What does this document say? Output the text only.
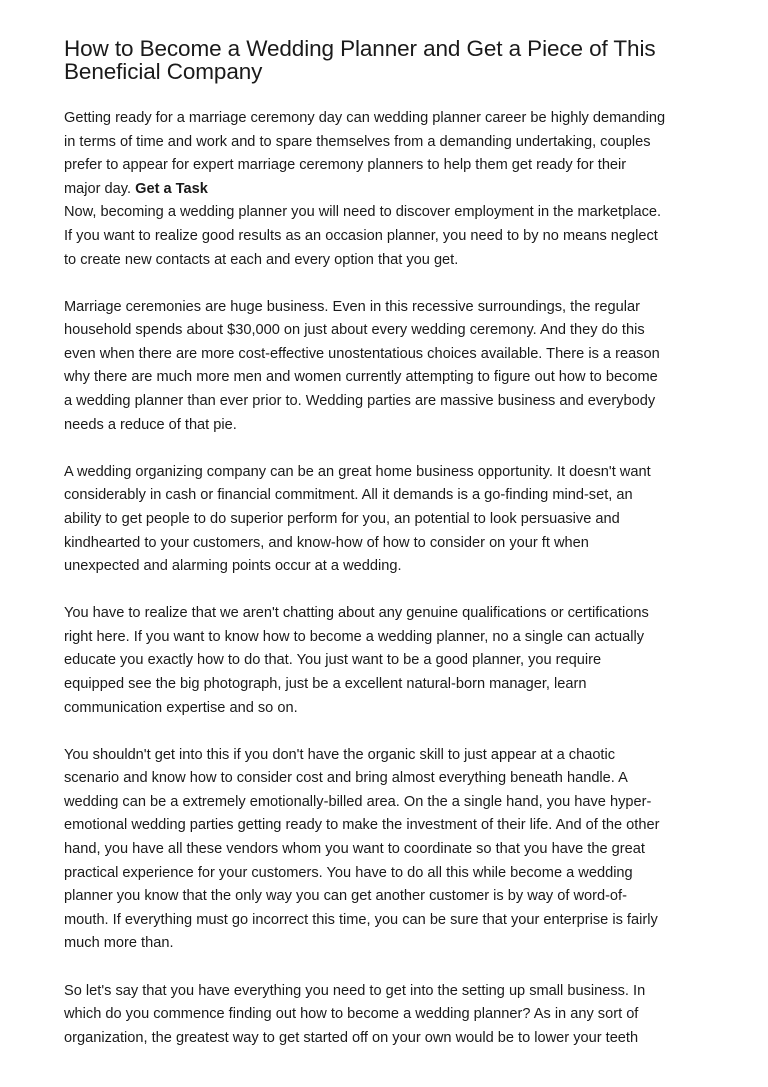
How to Become a Wedding Planner and Get a Piece of This
Beneficial Company
Getting ready for a marriage ceremony day can wedding planner career be highly demanding
in terms of time and work and to spare themselves from a demanding undertaking, couples
prefer to appear for expert marriage ceremony planners to help them get ready for their
major day. Get a Task
Now, becoming a wedding planner you will need to discover employment in the marketplace.
If you want to realize good results as an occasion planner, you need to by no means neglect
to create new contacts at each and every option that you get.
Marriage ceremonies are huge business. Even in this recessive surroundings, the regular
household spends about $30,000 on just about every wedding ceremony. And they do this
even when there are more cost-effective unostentatious choices available. There is a reason
why there are much more men and women currently attempting to figure out how to become
a wedding planner than ever prior to. Wedding parties are massive business and everybody
needs a reduce of that pie.
A wedding organizing company can be an great home business opportunity. It doesn't want
considerably in cash or financial commitment. All it demands is a go-finding mind-set, an
ability to get people to do superior perform for you, an potential to look persuasive and
kindhearted to your customers, and know-how of how to consider on your ft when
unexpected and alarming points occur at a wedding.
You have to realize that we aren't chatting about any genuine qualifications or certifications
right here. If you want to know how to become a wedding planner, no a single can actually
educate you exactly how to do that. You just want to be a good planner, you require
equipped see the big photograph, just be a excellent natural-born manager, learn
communication expertise and so on.
You shouldn't get into this if you don't have the organic skill to just appear at a chaotic
scenario and know how to consider cost and bring almost everything beneath handle. A
wedding can be a extremely emotionally-billed area. On the a single hand, you have hyper-
emotional wedding parties getting ready to make the investment of their life. And of the other
hand, you have all these vendors whom you want to coordinate so that you have the great
practical experience for your customers. You have to do all this while become a wedding
planner you know that the only way you can get another customer is by way of word-of-
mouth. If everything must go incorrect this time, you can be sure that your enterprise is fairly
much more than.
So let's say that you have everything you need to get into the setting up small business. In
which do you commence finding out how to become a wedding planner? As in any sort of
organization, the greatest way to get started off on your own would be to lower your teeth
